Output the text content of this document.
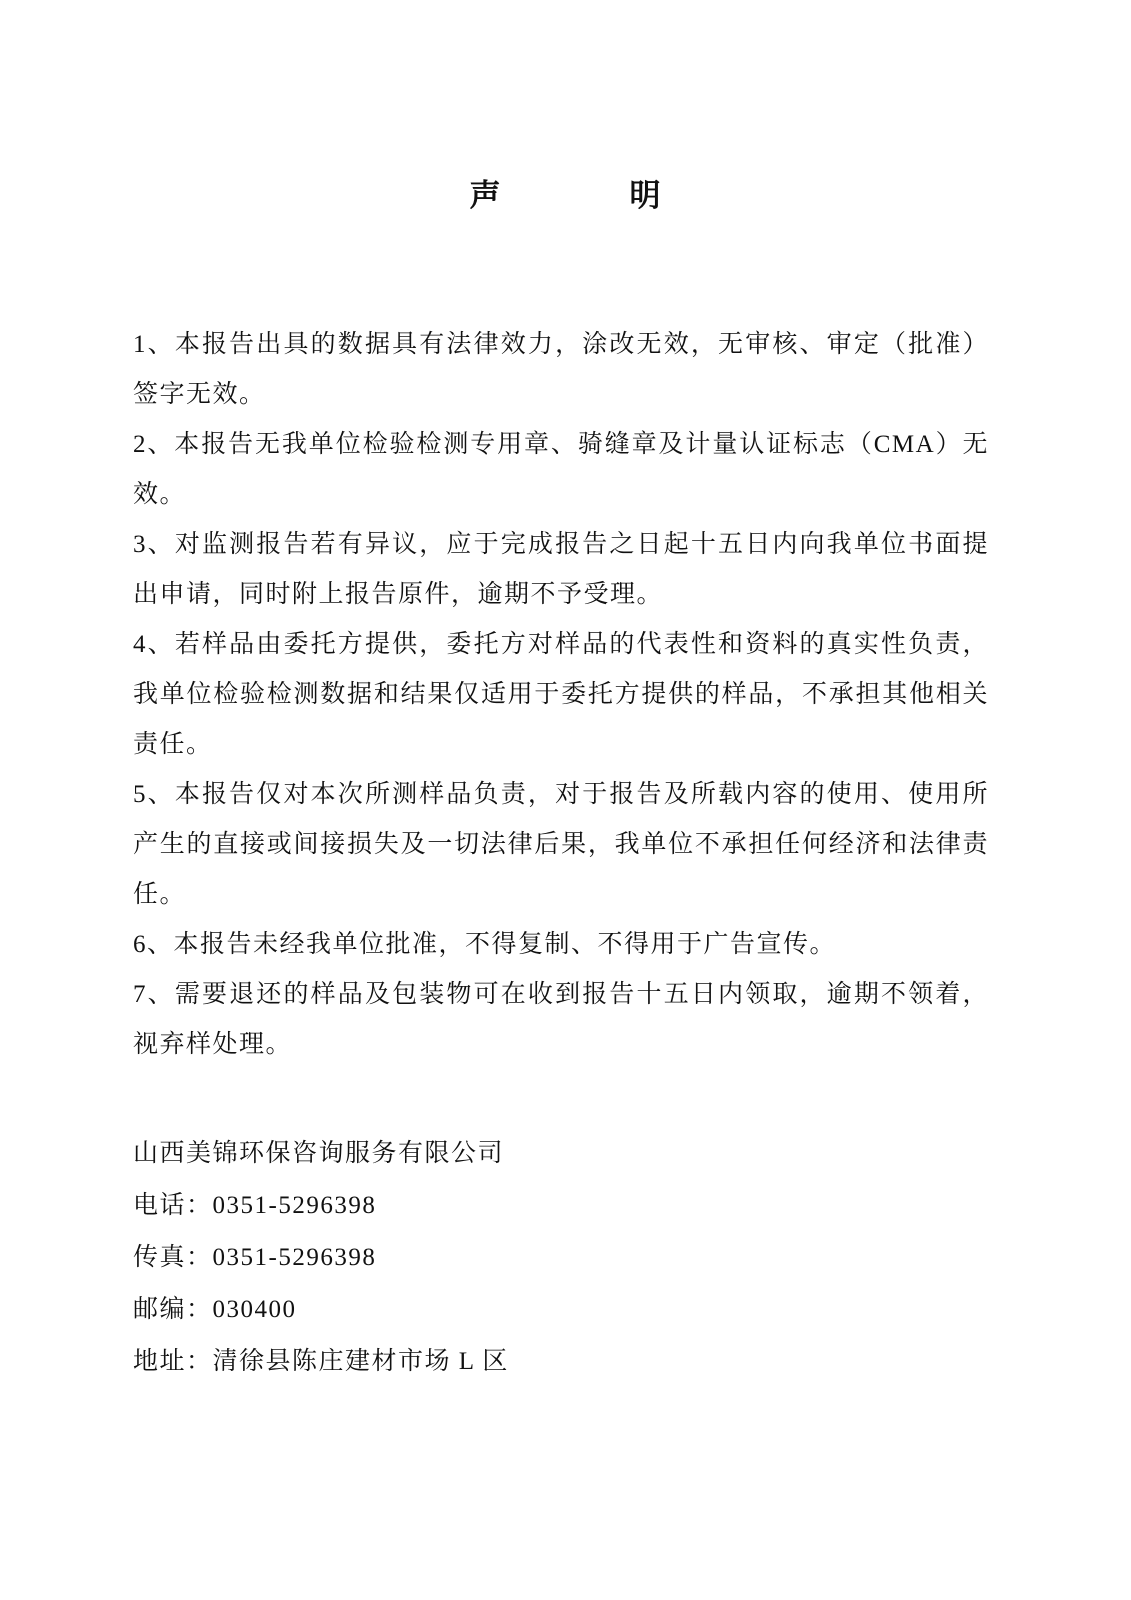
声	明

1、本报告出具的数据具有法律效力，涂改无效，无审核、审定（批准）签字无效。

2、本报告无我单位检验检测专用章、骑缝章及计量认证标志（CMA）无效。

3、对监测报告若有异议，应于完成报告之日起十五日内向我单位书面提出申请，同时附上报告原件，逾期不予受理。

4、若样品由委托方提供，委托方对样品的代表性和资料的真实性负责，我单位检验检测数据和结果仅适用于委托方提供的样品，不承担其他相关责任。

5、本报告仅对本次所测样品负责，对于报告及所载内容的使用、使用所产生的直接或间接损失及一切法律后果，我单位不承担任何经济和法律责任。

6、本报告未经我单位批准，不得复制、不得用于广告宣传。

7、需要退还的样品及包装物可在收到报告十五日内领取，逾期不领着，视弃样处理。

山西美锦环保咨询服务有限公司
电话：0351-5296398
传真：0351-5296398
邮编：030400
地址：清徐县陈庄建材市场 L 区
